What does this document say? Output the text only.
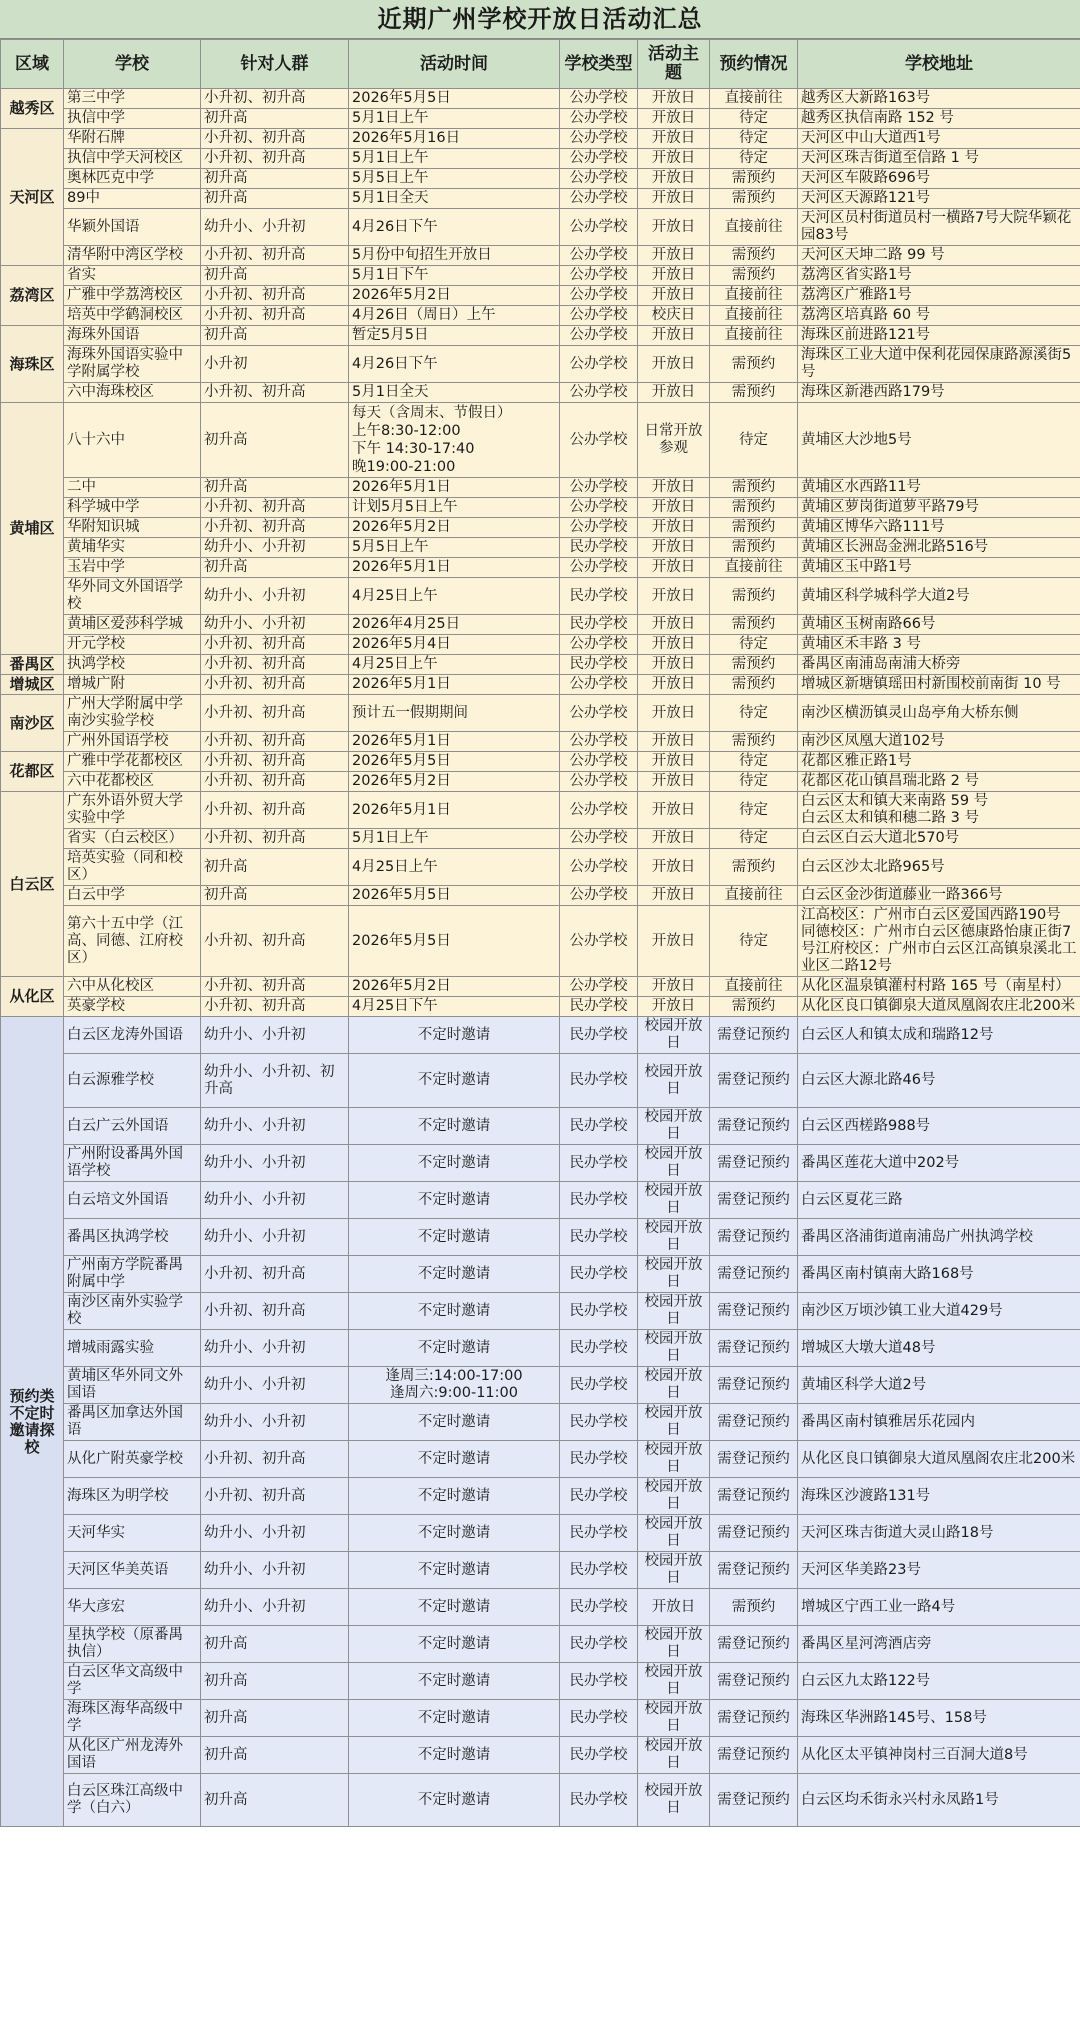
近期广州学校开放日活动汇总
区域	学校	针对人群	活动时间	学校类型	活动主题	预约情况	学校地址
越秀区	第三中学	小升初、初升高	2026年5月5日	公办学校	开放日	直接前往	越秀区大新路163号
	执信中学	初升高	5月1日上午	公办学校	开放日	待定	越秀区执信南路 152 号
天河区	华附石牌	小升初、初升高	2026年5月16日	公办学校	开放日	待定	天河区中山大道西1号
	执信中学天河校区	小升初、初升高	5月1日上午	公办学校	开放日	待定	天河区珠吉街道至信路 1 号
	奥林匹克中学	初升高	5月5日上午	公办学校	开放日	需预约	天河区车陂路696号
	89中	初升高	5月1日全天	公办学校	开放日	需预约	天河区天源路121号
	华颖外国语	幼升小、小升初	4月26日下午	公办学校	开放日	直接前往	天河区员村街道员村一横路7号大院华颖花园83号
	清华附中湾区学校	小升初、初升高	5月份中旬招生开放日	公办学校	开放日	需预约	天河区天坤二路 99 号
荔湾区	省实	初升高	5月1日下午	公办学校	开放日	需预约	荔湾区省实路1号
	广雅中学荔湾校区	小升初、初升高	2026年5月2日	公办学校	开放日	直接前往	荔湾区广雅路1号
	培英中学鹤洞校区	小升初、初升高	4月26日（周日）上午	公办学校	校庆日	直接前往	荔湾区培真路 60 号
海珠区	海珠外国语	初升高	暂定5月5日	公办学校	开放日	直接前往	海珠区前进路121号
	海珠外国语实验中学附属学校	小升初	4月26日下午	公办学校	开放日	需预约	海珠区工业大道中保利花园保康路源溪街5号
	六中海珠校区	小升初、初升高	5月1日全天	公办学校	开放日	需预约	海珠区新港西路179号
黄埔区	八十六中	初升高	每天（含周末、节假日）
上午8:30-12:00
下午 14:30-17:40
晚19:00-21:00	公办学校	日常开放参观	待定	黄埔区大沙地5号
	二中	初升高	2026年5月1日	公办学校	开放日	需预约	黄埔区水西路11号
	科学城中学	小升初、初升高	计划5月5日上午	公办学校	开放日	需预约	黄埔区萝岗街道萝平路79号
	华附知识城	小升初、初升高	2026年5月2日	公办学校	开放日	需预约	黄埔区博华六路111号
	黄埔华实	幼升小、小升初	5月5日上午	民办学校	开放日	需预约	黄埔区长洲岛金洲北路516号
	玉岩中学	初升高	2026年5月1日	公办学校	开放日	直接前往	黄埔区玉中路1号
	华外同文外国语学校	幼升小、小升初	4月25日上午	民办学校	开放日	需预约	黄埔区科学城科学大道2号
	黄埔区爱莎科学城	幼升小、小升初	2026年4月25日	民办学校	开放日	需预约	黄埔区玉树南路66号
	开元学校	小升初、初升高	2026年5月4日	公办学校	开放日	待定	黄埔区禾丰路 3 号
番禺区	执鸿学校	小升初、初升高	4月25日上午	民办学校	开放日	需预约	番禺区南浦岛南浦大桥旁
增城区	增城广附	小升初、初升高	2026年5月1日	公办学校	开放日	需预约	增城区新塘镇瑶田村新围校前南街 10 号
南沙区	广州大学附属中学南沙实验学校	小升初、初升高	预计五一假期期间	公办学校	开放日	待定	南沙区横沥镇灵山岛亭角大桥东侧
	广州外国语学校	小升初、初升高	2026年5月1日	公办学校	开放日	需预约	南沙区凤凰大道102号
花都区	广雅中学花都校区	小升初、初升高	2026年5月5日	公办学校	开放日	待定	花都区雅正路1号
	六中花都校区	小升初、初升高	2026年5月2日	公办学校	开放日	待定	花都区花山镇昌瑞北路 2 号
白云区	广东外语外贸大学实验中学	小升初、初升高	2026年5月1日	公办学校	开放日	待定	白云区太和镇大来南路 59 号
白云区太和镇和穗二路 3 号
	省实（白云校区）	小升初、初升高	5月1日上午	公办学校	开放日	待定	白云区白云大道北570号
	培英实验（同和校区）	初升高	4月25日上午	公办学校	开放日	需预约	白云区沙太北路965号
	白云中学	初升高	2026年5月5日	公办学校	开放日	直接前往	白云区金沙街道藤业一路366号
	第六十五中学（江高、同德、江府校区）	小升初、初升高	2026年5月5日	公办学校	开放日	待定	江高校区：广州市白云区爱国西路190号
同德校区：广州市白云区德康路怡康正街7号江府校区：广州市白云区江高镇泉溪北工业区二路12号
从化区	六中从化校区	小升初、初升高	2026年5月2日	公办学校	开放日	直接前往	从化区温泉镇灌村村路 165 号（南星村）
	英豪学校	小升初、初升高	4月25日下午	民办学校	开放日	需预约	从化区良口镇御泉大道凤凰阁农庄北200米
预约类不定时邀请探校	白云区龙涛外国语	幼升小、小升初	不定时邀请	民办学校	校园开放日	需登记预约	白云区人和镇太成和瑞路12号
	白云源雅学校	幼升小、小升初、初升高	不定时邀请	民办学校	校园开放日	需登记预约	白云区大源北路46号
	白云广云外国语	幼升小、小升初	不定时邀请	民办学校	校园开放日	需登记预约	白云区西槎路988号
	广州附设番禺外国语学校	幼升小、小升初	不定时邀请	民办学校	校园开放日	需登记预约	番禺区莲花大道中202号
	白云培文外国语	幼升小、小升初	不定时邀请	民办学校	校园开放日	需登记预约	白云区夏花三路
	番禺区执鸿学校	幼升小、小升初	不定时邀请	民办学校	校园开放日	需登记预约	番禺区洛浦街道南浦岛广州执鸿学校
	广州南方学院番禺附属中学	小升初、初升高	不定时邀请	民办学校	校园开放日	需登记预约	番禺区南村镇南大路168号
	南沙区南外实验学校	小升初、初升高	不定时邀请	民办学校	校园开放日	需登记预约	南沙区万顷沙镇工业大道429号
	增城雨露实验	幼升小、小升初	不定时邀请	民办学校	校园开放日	需登记预约	增城区大墩大道48号
	黄埔区华外同文外国语	幼升小、小升初	逢周三:14:00-17:00
逢周六:9:00-11:00	民办学校	校园开放日	需登记预约	黄埔区科学大道2号
	番禺区加拿达外国语	幼升小、小升初	不定时邀请	民办学校	校园开放日	需登记预约	番禺区南村镇雅居乐花园内
	从化广附英豪学校	小升初、初升高	不定时邀请	民办学校	校园开放日	需登记预约	从化区良口镇御泉大道凤凰阁农庄北200米
	海珠区为明学校	小升初、初升高	不定时邀请	民办学校	校园开放日	需登记预约	海珠区沙渡路131号
	天河华实	幼升小、小升初	不定时邀请	民办学校	校园开放日	需登记预约	天河区珠吉街道大灵山路18号
	天河区华美英语	幼升小、小升初	不定时邀请	民办学校	校园开放日	需登记预约	天河区华美路23号
	华大彦宏	幼升小、小升初	不定时邀请	民办学校	开放日	需预约	增城区宁西工业一路4号
	星执学校（原番禺执信）	初升高	不定时邀请	民办学校	校园开放日	需登记预约	番禺区星河湾酒店旁
	白云区华文高级中学	初升高	不定时邀请	民办学校	校园开放日	需登记预约	白云区九太路122号
	海珠区海华高级中学	初升高	不定时邀请	民办学校	校园开放日	需登记预约	海珠区华洲路145号、158号
	从化区广州龙涛外国语	初升高	不定时邀请	民办学校	校园开放日	需登记预约	从化区太平镇神岗村三百洞大道8号
	白云区珠江高级中学（白六）	初升高	不定时邀请	民办学校	校园开放日	需登记预约	白云区均禾街永兴村永凤路1号
